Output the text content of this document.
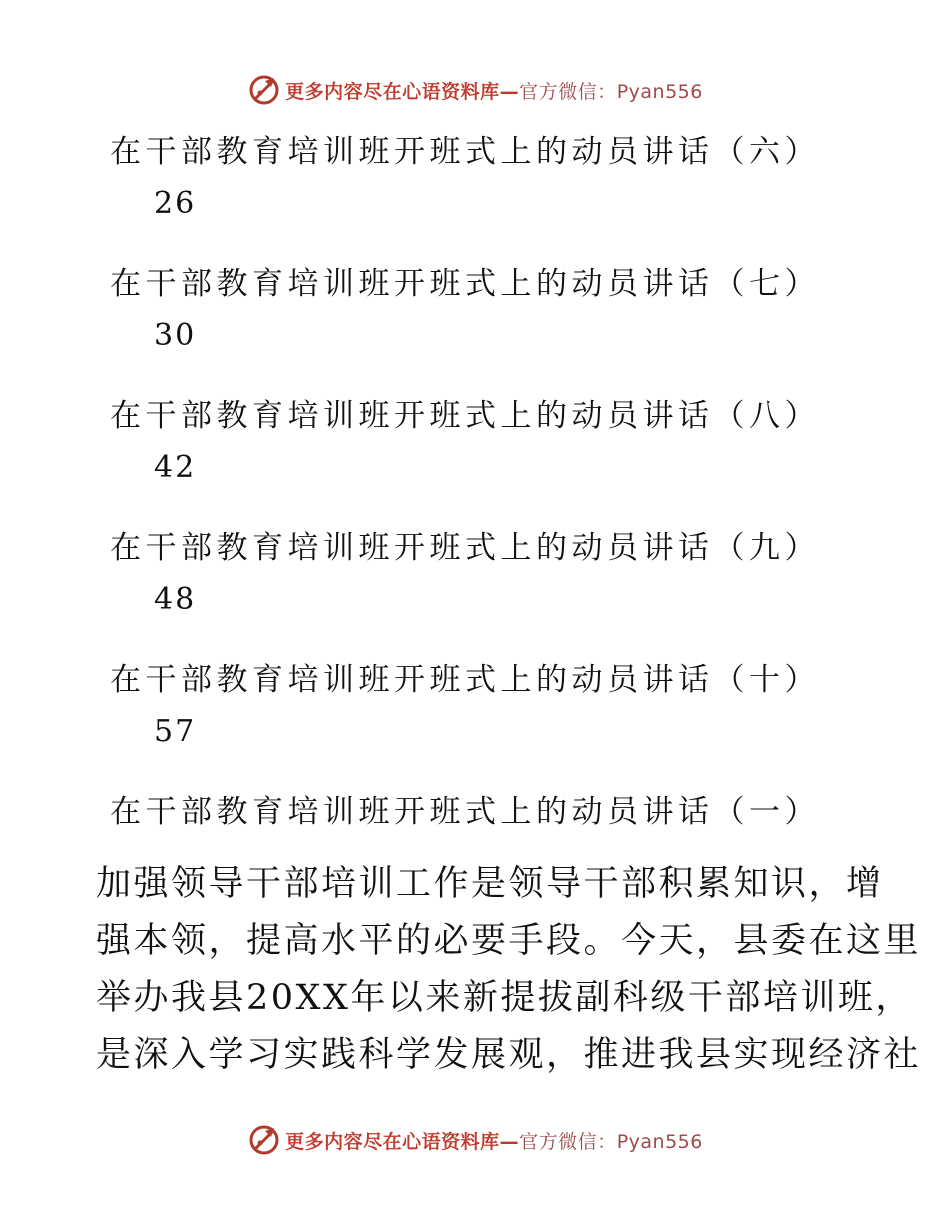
更多内容尽在心语资料库—官方微信：Pyan556
在干部教育培训班开班式上的动员讲话（六）
26
在干部教育培训班开班式上的动员讲话（七）
30
在干部教育培训班开班式上的动员讲话（八）
42
在干部教育培训班开班式上的动员讲话（九）
48
在干部教育培训班开班式上的动员讲话（十）
57
在干部教育培训班开班式上的动员讲话（一）
加强领导干部培训工作是领导干部积累知识，增
强本领，提高水平的必要手段。今天，县委在这里
举办我县20XX年以来新提拔副科级干部培训班，
是深入学习实践科学发展观，推进我县实现经济社
更多内容尽在心语资料库—官方微信：Pyan556
